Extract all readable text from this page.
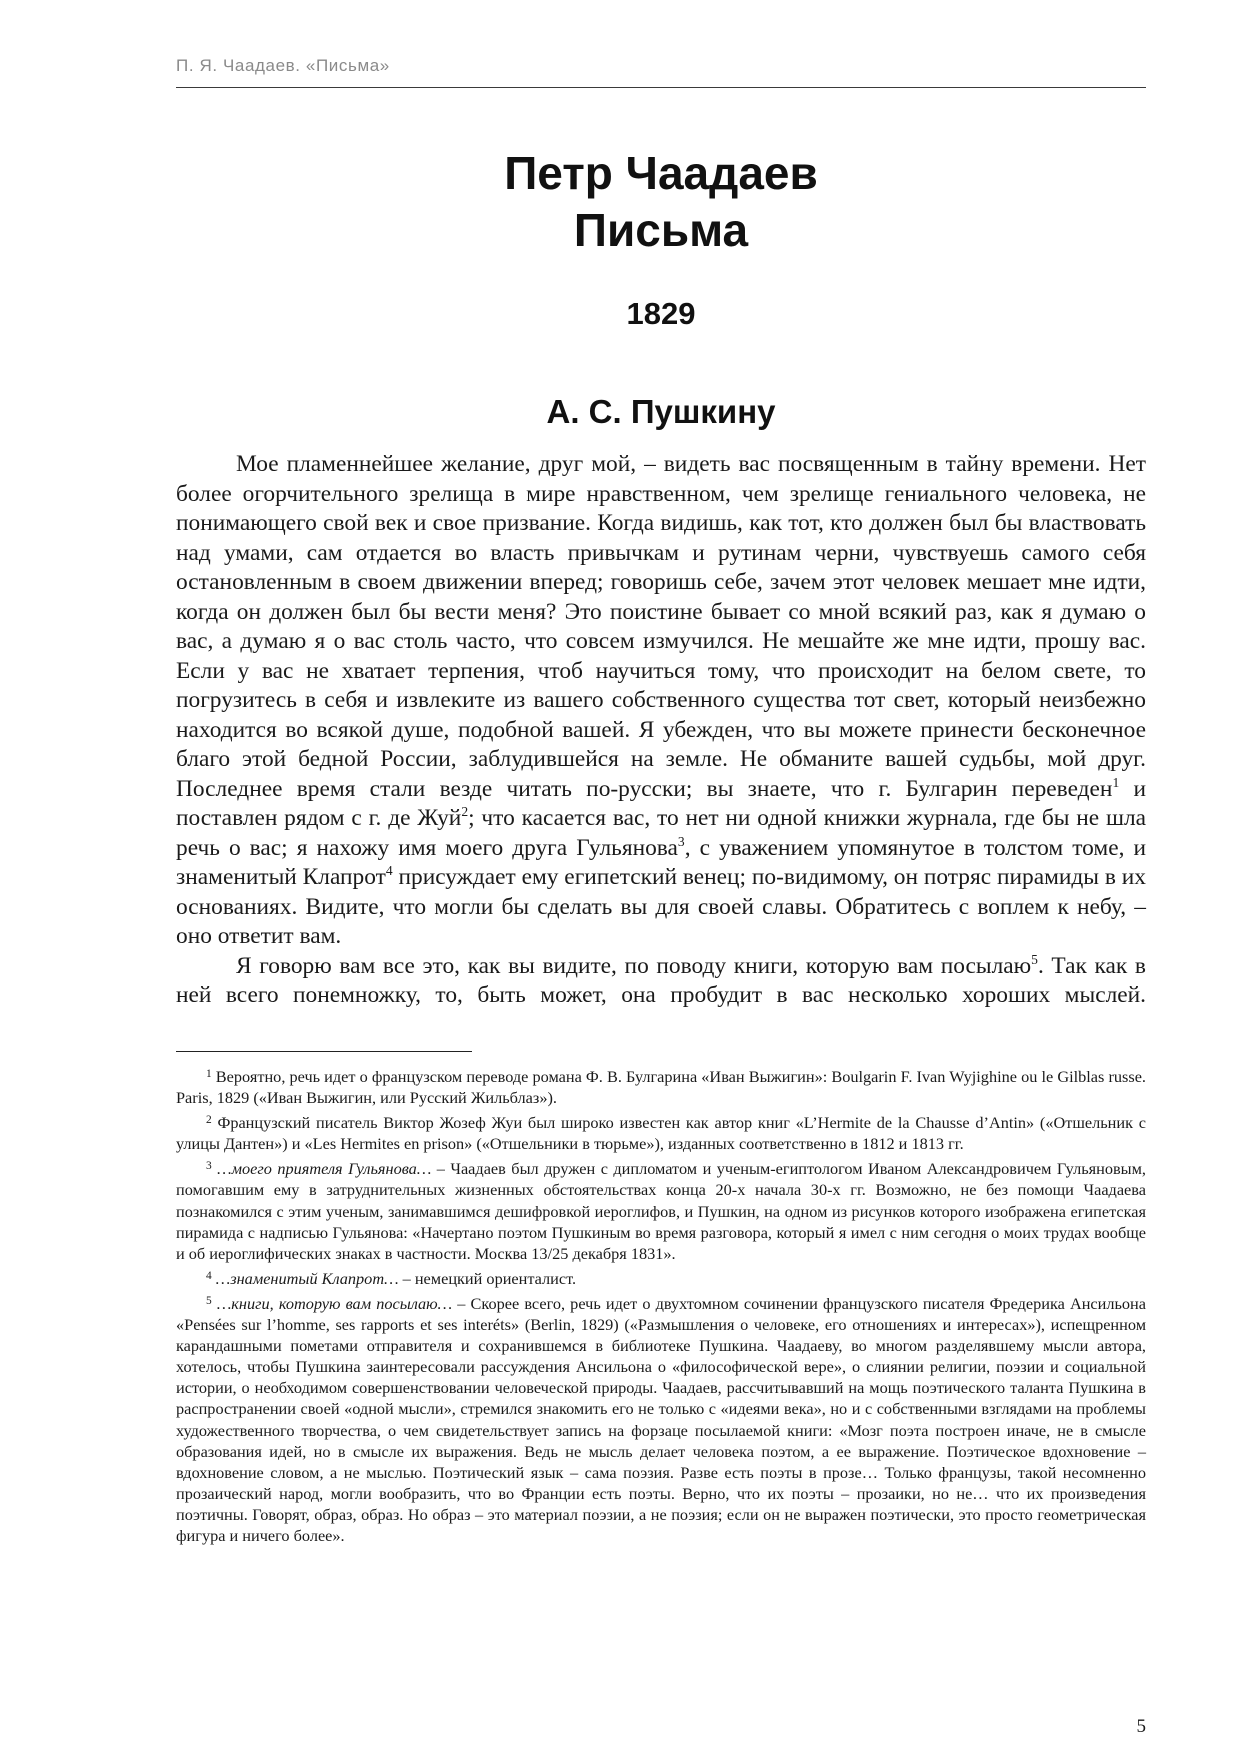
П. Я. Чаадаев. «Письма»
Петр Чаадаев
Письма
1829
А. С. Пушкину

Мое пламеннейшее желание, друг мой, – видеть вас посвященным в тайну времени. Нет более огорчительного зрелища в мире нравственном, чем зрелище гениального человека, не понимающего свой век и свое призвание. Когда видишь, как тот, кто должен был бы властвовать над умами, сам отдается во власть привычкам и рутинам черни, чувствуешь самого себя остановленным в своем движении вперед; говоришь себе, зачем этот человек мешает мне идти, когда он должен был бы вести меня? Это поистине бывает со мной всякий раз, как я думаю о вас, а думаю я о вас столь часто, что совсем измучился. Не мешайте же мне идти, прошу вас. Если у вас не хватает терпения, чтоб научиться тому, что происходит на белом свете, то погрузитесь в себя и извлеките из вашего собственного существа тот свет, который неизбежно находится во всякой душе, подобной вашей. Я убежден, что вы можете принести бесконечное благо этой бедной России, заблудившейся на земле. Не обманите вашей судьбы, мой друг. Последнее время стали везде читать по-русски; вы знаете, что г. Булгарин переведен$^1$ и поставлен рядом с г. де Жуй$^2$; что касается вас, то нет ни одной книжки журнала, где бы не шла речь о вас; я нахожу имя моего друга Гульянова$^3$, с уважением упомянутое в толстом томе, и знаменитый Клапрот$^4$ присуждает ему египетский венец; по-видимому, он потряс пирамиды в их основаниях. Видите, что могли бы сделать вы для своей славы. Обратитесь с воплем к небу, – оно ответит вам.

Я говорю вам все это, как вы видите, по поводу книги, которую вам посылаю$^5$. Так как в ней всего понемножку, то, быть может, она пробудит в вас несколько хороших мыслей.

$^1$ Вероятно, речь идет о французском переводе романа Ф. В. Булгарина «Иван Выжигин»: Boulgarin F. Ivan Wyjighine ou le Gilblas russe. Paris, 1829 («Иван Выжигин, или Русский Жильблаз»).

$^2$ Французский писатель Виктор Жозеф Жуи был широко известен как автор книг «L’Hermite de la Chausse d’Antin» («Отшельник с улицы Дантен») и «Les Hermites en prison» («Отшельники в тюрьме»), изданных соответственно в 1812 и 1813 гг.

$^3$ …моего приятеля Гульянова… – Чаадаев был дружен с дипломатом и ученым-египтологом Иваном Александровичем Гульяновым, помогавшим ему в затруднительных жизненных обстоятельствах конца 20-х начала 30-х гг. Возможно, не без помощи Чаадаева познакомился с этим ученым, занимавшимся дешифровкой иероглифов, и Пушкин, на одном из рисунков которого изображена египетская пирамида с надписью Гульянова: «Начертано поэтом Пушкиным во время разговора, который я имел с ним сегодня о моих трудах вообще и об иероглифических знаках в частности. Москва 13/25 декабря 1831».

$^4$ …знаменитый Клапрот… – немецкий ориенталист.

$^5$ …книги, которую вам посылаю… – Скорее всего, речь идет о двухтомном сочинении французского писателя Фредерика Ансильона «Pensées sur l’homme, ses rapports et ses interéts» (Berlin, 1829) («Размышления о человеке, его отношениях и интересах»), испещренном карандашными пометами отправителя и сохранившемся в библиотеке Пушкина. Чаадаеву, во многом разделявшему мысли автора, хотелось, чтобы Пушкина заинтересовали рассуждения Ансильона о «философической вере», о слиянии религии, поэзии и социальной истории, о необходимом совершенствовании человеческой природы. Чаадаев, рассчитывавший на мощь поэтического таланта Пушкина в распространении своей «одной мысли», стремился знакомить его не только с «идеями века», но и с собственными взглядами на проблемы художественного творчества, о чем свидетельствует запись на форзаце посылаемой книги: «Мозг поэта построен иначе, не в смысле образования идей, но в смысле их выражения. Ведь не мысль делает человека поэтом, а ее выражение. Поэтическое вдохновение – вдохновение словом, а не мыслью. Поэтический язык – сама поэзия. Разве есть поэты в прозе… Только французы, такой несомненно прозаический народ, могли вообразить, что во Франции есть поэты. Верно, что их поэты – прозаики, но не… что их произведения поэтичны. Говорят, образ, образ. Но образ – это материал поэзии, а не поэзия; если он не выражен поэтически, это просто геометрическая фигура и ничего более».

5
